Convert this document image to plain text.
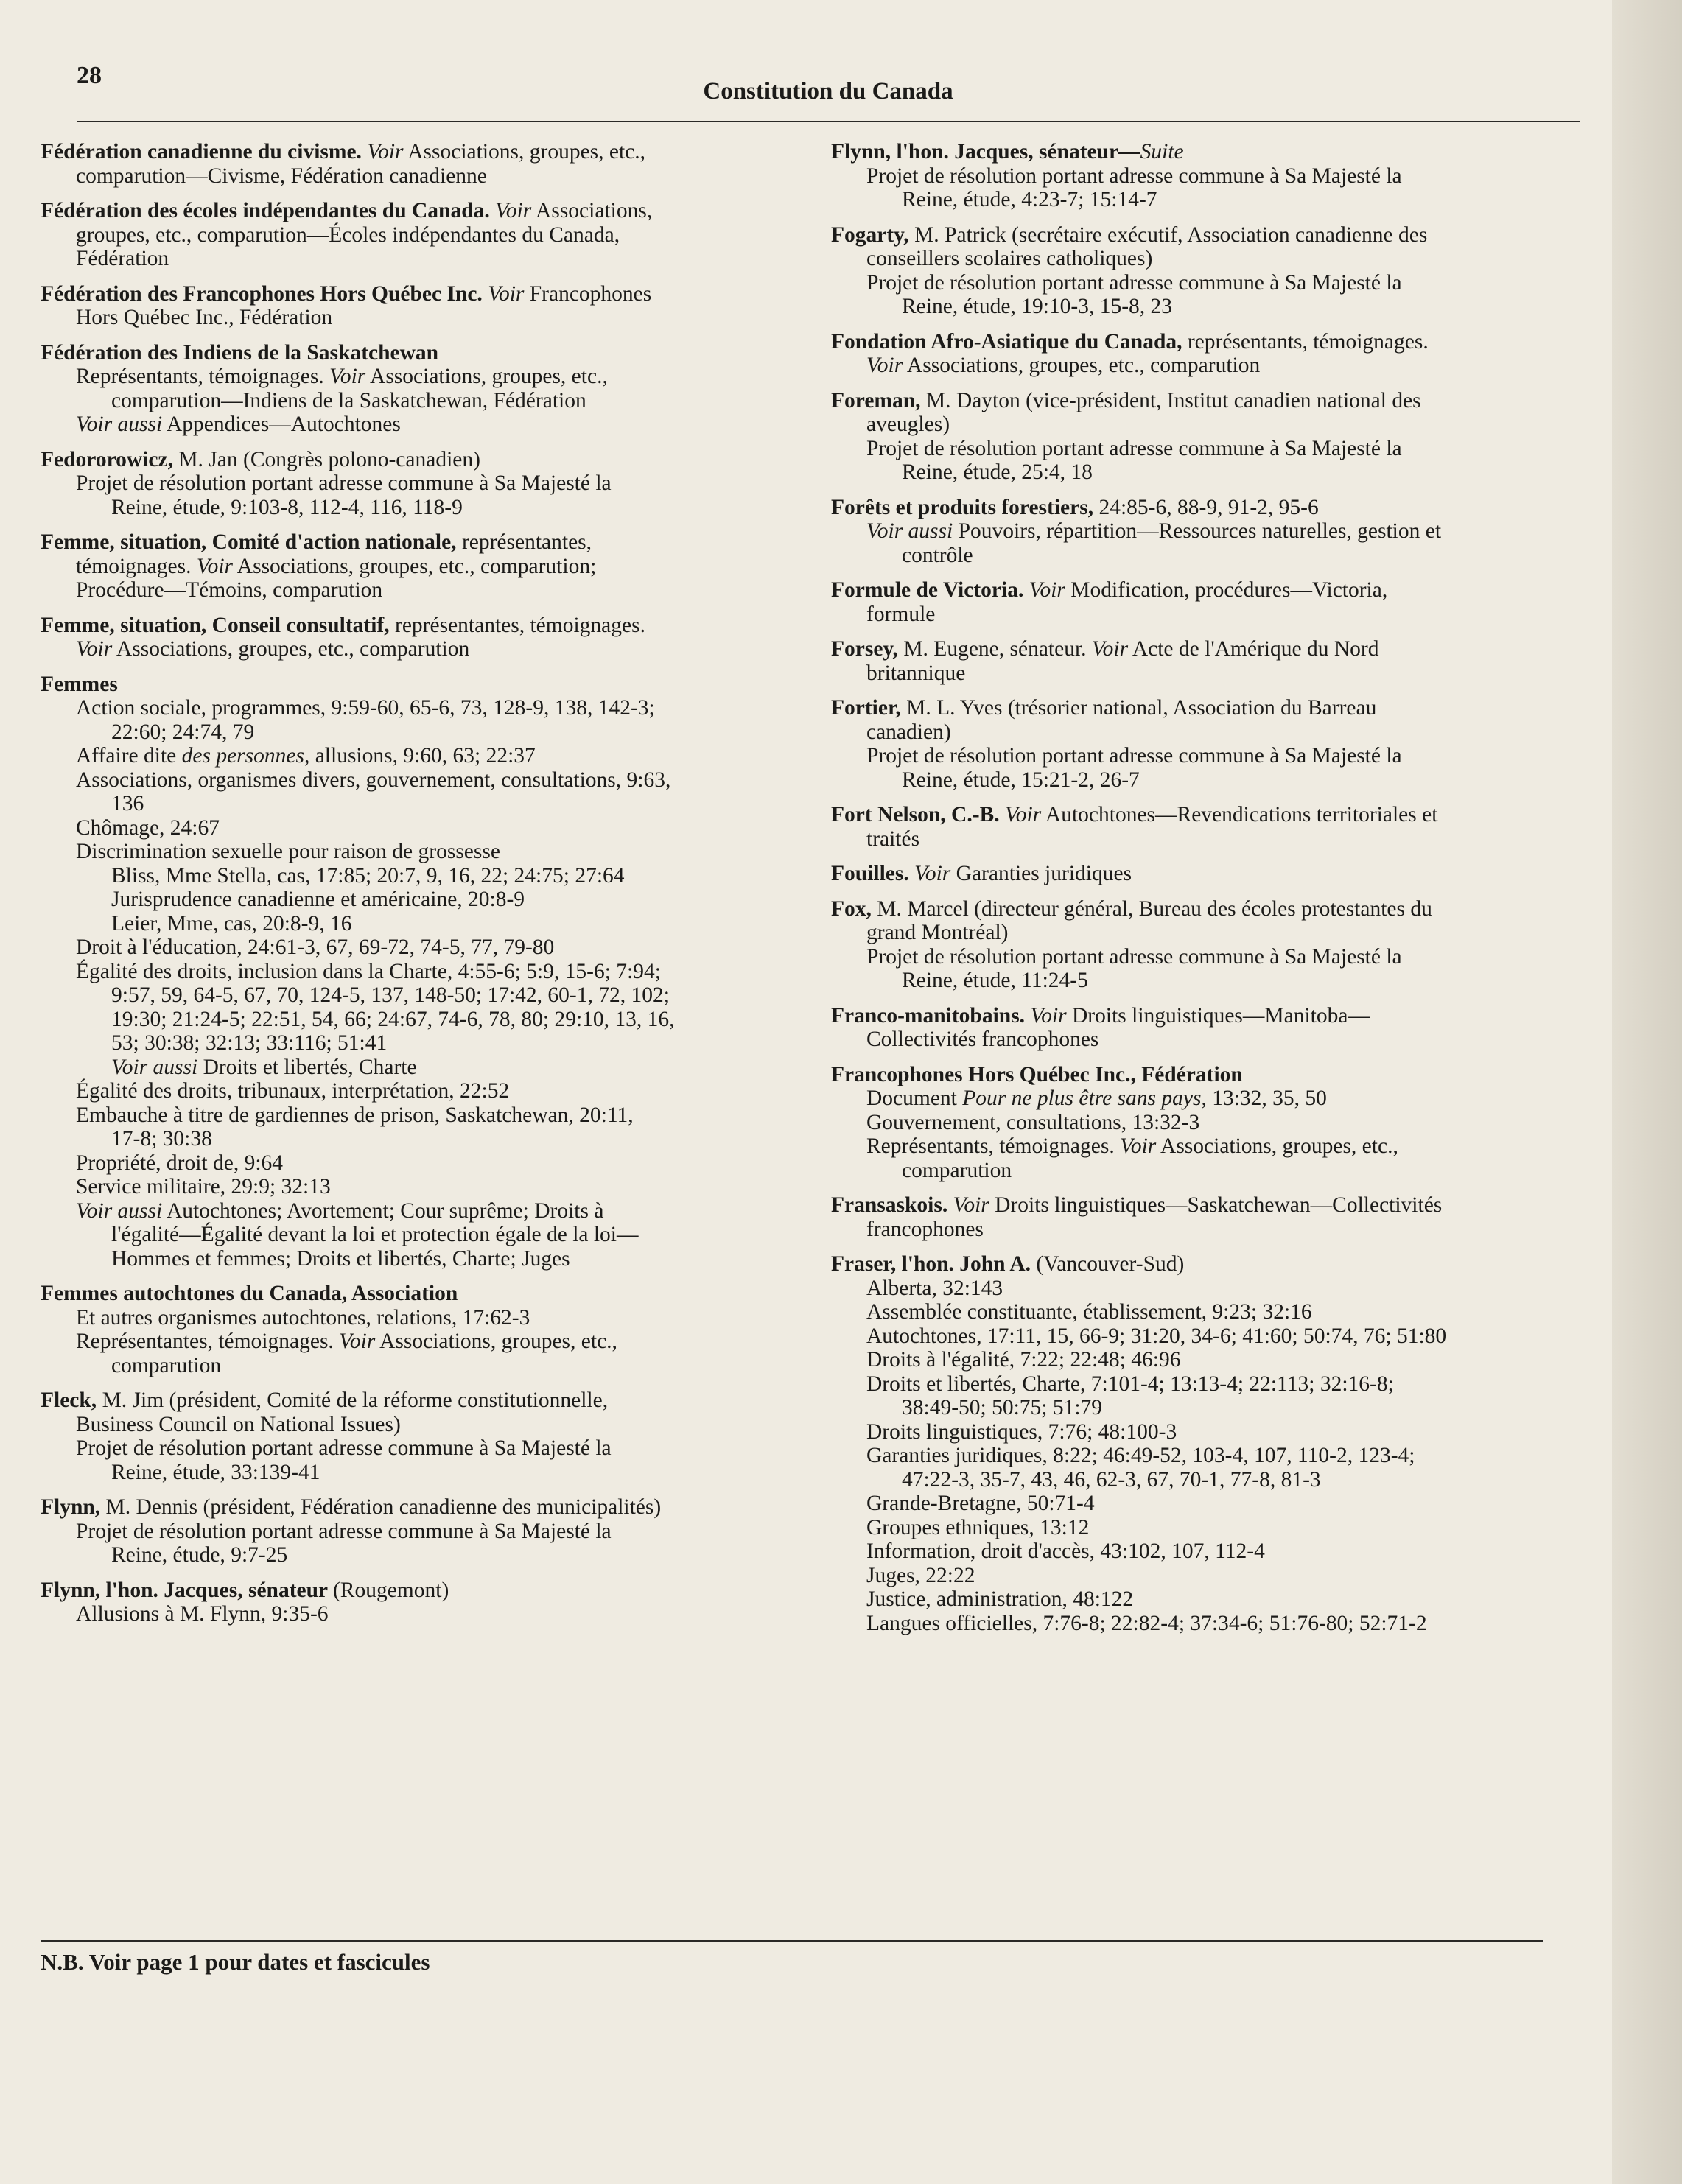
28
Constitution du Canada
Fédération canadienne du civisme. Voir Associations, groupes, etc.,
comparution—Civisme, Fédération canadienne
Fédération des écoles indépendantes du Canada. Voir Associations,
groupes, etc., comparution—Écoles indépendantes du Canada,
Fédération
Fédération des Francophones Hors Québec Inc. Voir Francophones
Hors Québec Inc., Fédération
Fédération des Indiens de la Saskatchewan
Représentants, témoignages. Voir Associations, groupes, etc.,
comparution—Indiens de la Saskatchewan, Fédération
Voir aussi Appendices—Autochtones
Fedororowicz, M. Jan (Congrès polono-canadien)
Projet de résolution portant adresse commune à Sa Majesté la
Reine, étude, 9:103-8, 112-4, 116, 118-9
Femme, situation, Comité d'action nationale, représentantes,
témoignages. Voir Associations, groupes, etc., comparution;
Procédure—Témoins, comparution
Femme, situation, Conseil consultatif, représentantes, témoignages.
Voir Associations, groupes, etc., comparution
Femmes
Action sociale, programmes, 9:59-60, 65-6, 73, 128-9, 138, 142-3;
22:60; 24:74, 79
Affaire dite des personnes, allusions, 9:60, 63; 22:37
Associations, organismes divers, gouvernement, consultations, 9:63,
136
Chômage, 24:67
Discrimination sexuelle pour raison de grossesse
Bliss, Mme Stella, cas, 17:85; 20:7, 9, 16, 22; 24:75; 27:64
Jurisprudence canadienne et américaine, 20:8-9
Leier, Mme, cas, 20:8-9, 16
Droit à l'éducation, 24:61-3, 67, 69-72, 74-5, 77, 79-80
Égalité des droits, inclusion dans la Charte, 4:55-6; 5:9, 15-6; 7:94;
9:57, 59, 64-5, 67, 70, 124-5, 137, 148-50; 17:42, 60-1, 72, 102;
19:30; 21:24-5; 22:51, 54, 66; 24:67, 74-6, 78, 80; 29:10, 13, 16,
53; 30:38; 32:13; 33:116; 51:41
Voir aussi Droits et libertés, Charte
Égalité des droits, tribunaux, interprétation, 22:52
Embauche à titre de gardiennes de prison, Saskatchewan, 20:11,
17-8; 30:38
Propriété, droit de, 9:64
Service militaire, 29:9; 32:13
Voir aussi Autochtones; Avortement; Cour suprême; Droits à
l'égalité—Égalité devant la loi et protection égale de la loi—
Hommes et femmes; Droits et libertés, Charte; Juges
Femmes autochtones du Canada, Association
Et autres organismes autochtones, relations, 17:62-3
Représentantes, témoignages. Voir Associations, groupes, etc.,
comparution
Fleck, M. Jim (président, Comité de la réforme constitutionnelle,
Business Council on National Issues)
Projet de résolution portant adresse commune à Sa Majesté la
Reine, étude, 33:139-41
Flynn, M. Dennis (président, Fédération canadienne des municipalités)
Projet de résolution portant adresse commune à Sa Majesté la
Reine, étude, 9:7-25
Flynn, l'hon. Jacques, sénateur (Rougemont)
Allusions à M. Flynn, 9:35-6
Flynn, l'hon. Jacques, sénateur—Suite
Projet de résolution portant adresse commune à Sa Majesté la
Reine, étude, 4:23-7; 15:14-7
Fogarty, M. Patrick (secrétaire exécutif, Association canadienne des
conseillers scolaires catholiques)
Projet de résolution portant adresse commune à Sa Majesté la
Reine, étude, 19:10-3, 15-8, 23
Fondation Afro-Asiatique du Canada, représentants, témoignages.
Voir Associations, groupes, etc., comparution
Foreman, M. Dayton (vice-président, Institut canadien national des
aveugles)
Projet de résolution portant adresse commune à Sa Majesté la
Reine, étude, 25:4, 18
Forêts et produits forestiers, 24:85-6, 88-9, 91-2, 95-6
Voir aussi Pouvoirs, répartition—Ressources naturelles, gestion et
contrôle
Formule de Victoria. Voir Modification, procédures—Victoria,
formule
Forsey, M. Eugene, sénateur. Voir Acte de l'Amérique du Nord
britannique
Fortier, M. L. Yves (trésorier national, Association du Barreau
canadien)
Projet de résolution portant adresse commune à Sa Majesté la
Reine, étude, 15:21-2, 26-7
Fort Nelson, C.-B. Voir Autochtones—Revendications territoriales et
traités
Fouilles. Voir Garanties juridiques
Fox, M. Marcel (directeur général, Bureau des écoles protestantes du
grand Montréal)
Projet de résolution portant adresse commune à Sa Majesté la
Reine, étude, 11:24-5
Franco-manitobains. Voir Droits linguistiques—Manitoba—
Collectivités francophones
Francophones Hors Québec Inc., Fédération
Document Pour ne plus être sans pays, 13:32, 35, 50
Gouvernement, consultations, 13:32-3
Représentants, témoignages. Voir Associations, groupes, etc.,
comparution
Fransaskois. Voir Droits linguistiques—Saskatchewan—Collectivités
francophones
Fraser, l'hon. John A. (Vancouver-Sud)
Alberta, 32:143
Assemblée constituante, établissement, 9:23; 32:16
Autochtones, 17:11, 15, 66-9; 31:20, 34-6; 41:60; 50:74, 76; 51:80
Droits à l'égalité, 7:22; 22:48; 46:96
Droits et libertés, Charte, 7:101-4; 13:13-4; 22:113; 32:16-8;
38:49-50; 50:75; 51:79
Droits linguistiques, 7:76; 48:100-3
Garanties juridiques, 8:22; 46:49-52, 103-4, 107, 110-2, 123-4;
47:22-3, 35-7, 43, 46, 62-3, 67, 70-1, 77-8, 81-3
Grande-Bretagne, 50:71-4
Groupes ethniques, 13:12
Information, droit d'accès, 43:102, 107, 112-4
Juges, 22:22
Justice, administration, 48:122
Langues officielles, 7:76-8; 22:82-4; 37:34-6; 51:76-80; 52:71-2
N.B. Voir page 1 pour dates et fascicules
